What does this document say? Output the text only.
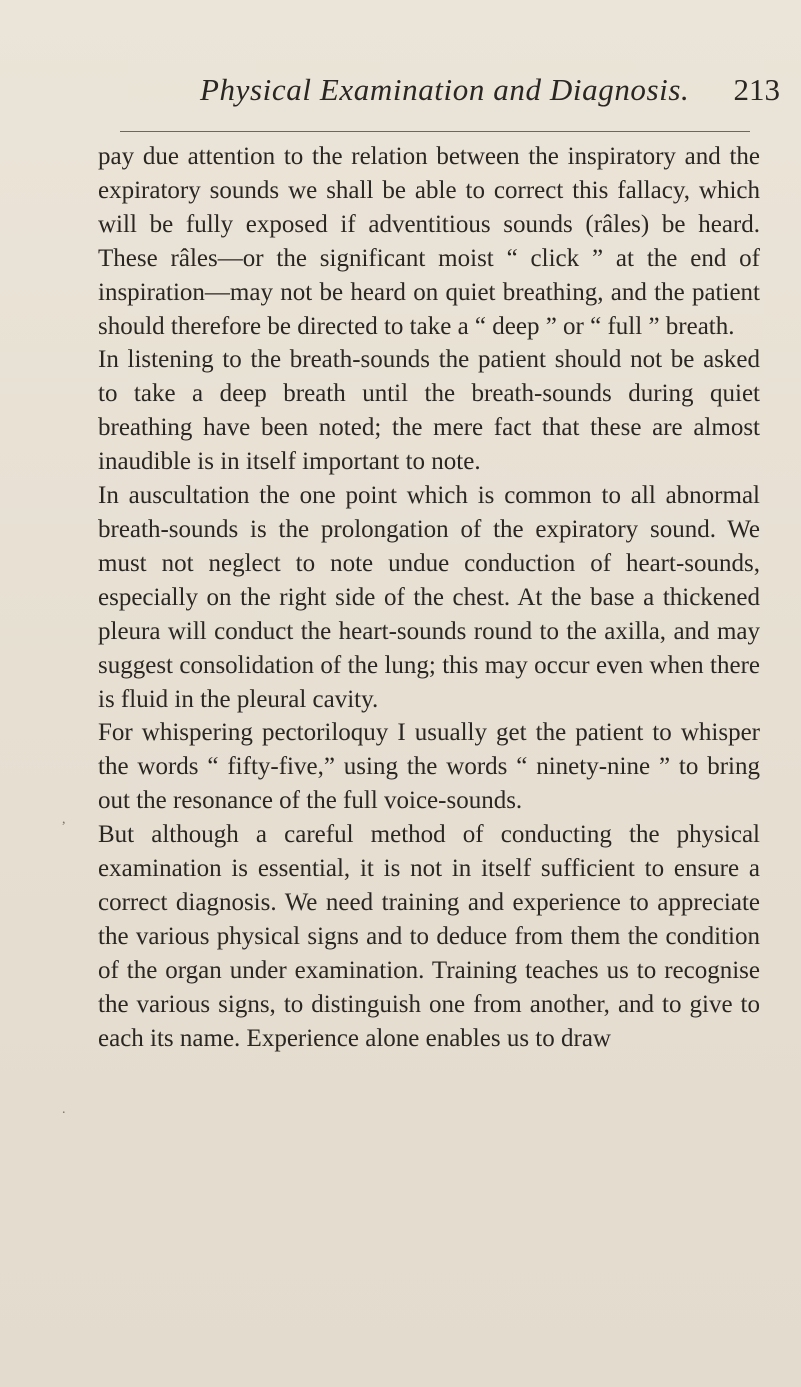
Physical Examination and Diagnosis. 213

pay due attention to the relation between the inspiratory and the expiratory sounds we shall be able to correct this fallacy, which will be fully exposed if adventitious sounds (râles) be heard. These râles—or the significant moist “ click ” at the end of inspiration—may not be heard on quiet breathing, and the patient should therefore be directed to take a “ deep ” or “ full ” breath.

In listening to the breath-sounds the patient should not be asked to take a deep breath until the breath-sounds during quiet breathing have been noted; the mere fact that these are almost inaudible is in itself important to note.

In auscultation the one point which is common to all abnormal breath-sounds is the prolongation of the expiratory sound. We must not neglect to note undue conduction of heart-sounds, especially on the right side of the chest. At the base a thickened pleura will conduct the heart-sounds round to the axilla, and may suggest consolidation of the lung; this may occur even when there is fluid in the pleural cavity.

For whispering pectoriloquy I usually get the patient to whisper the words “ fifty-five,” using the words “ ninety-nine ” to bring out the resonance of the full voice-sounds.

But although a careful method of conducting the physical examination is essential, it is not in itself sufficient to ensure a correct diagnosis. We need training and experience to appreciate the various physical signs and to deduce from them the condition of the organ under examination. Training teaches us to recognise the various signs, to distinguish one from another, and to give to each its name. Experience alone enables us to draw

,
.
